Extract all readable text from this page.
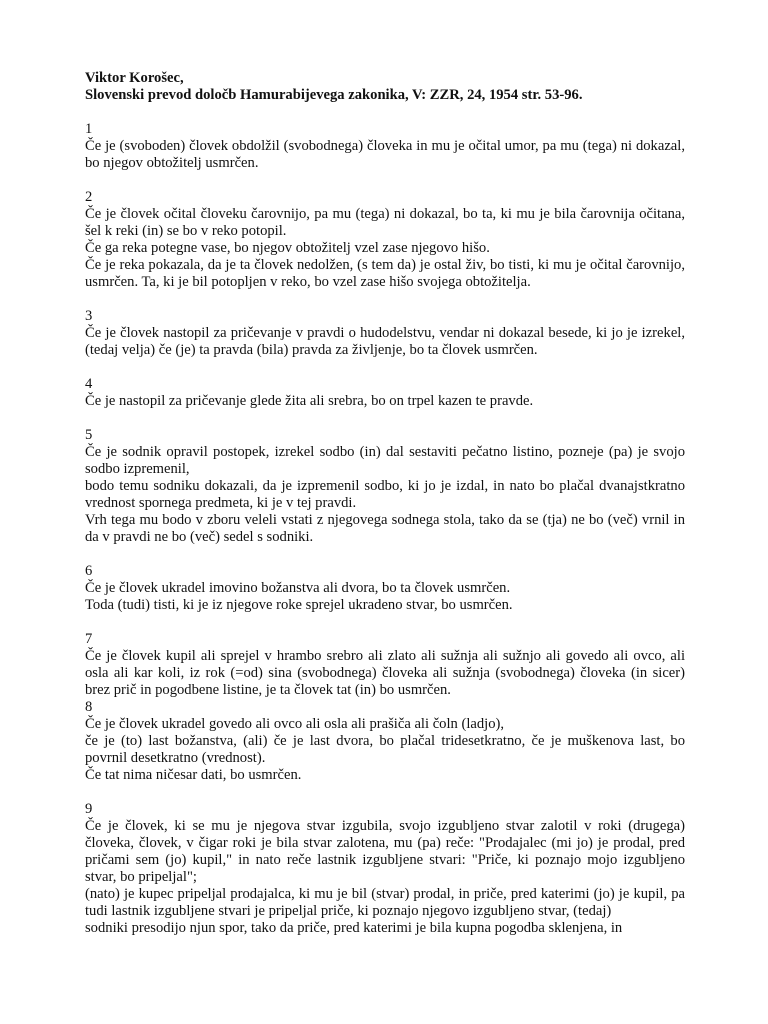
Viktor Korošec,
Slovenski prevod določb Hamurabijevega zakonika, V: ZZR, 24, 1954 str. 53-96.
1

Če je (svoboden) človek obdolžil (svobodnega) človeka in mu je očital umor, pa mu (tega) ni dokazal, bo njegov obtožitelj usmrčen.

2

Če je človek očital človeku čarovnijo, pa mu (tega) ni dokazal, bo ta, ki mu je bila čarovnija očitana, šel k reki (in) se bo v reko potopil.

Če ga reka potegne vase, bo njegov obtožitelj vzel zase njegovo hišo.

Če je reka pokazala, da je ta človek nedolžen, (s tem da) je ostal živ, bo tisti, ki mu je očital čarovnijo, usmrčen. Ta, ki je bil potopljen v reko, bo vzel zase hišo svojega obtožitelja.

3

Če je človek nastopil za pričevanje v pravdi o hudodelstvu, vendar ni dokazal besede, ki jo je izrekel, (tedaj velja) če (je) ta pravda (bila) pravda za življenje, bo ta človek usmrčen.

4

Če je nastopil za pričevanje glede žita ali srebra, bo on trpel kazen te pravde.

5

Če je sodnik opravil postopek, izrekel sodbo (in) dal sestaviti pečatno listino, pozneje (pa) je svojo sodbo izpremenil,

bodo temu sodniku dokazali, da je izpremenil sodbo, ki jo je izdal, in nato bo plačal dvanajstkratno vrednost spornega predmeta, ki je v tej pravdi.

Vrh tega mu bodo v zboru veleli vstati z njegovega sodnega stola, tako da se (tja) ne bo (več) vrnil in da v pravdi ne bo (več) sedel s sodniki.

6

Če je človek ukradel imovino božanstva ali dvora, bo ta človek usmrčen.

Toda (tudi) tisti, ki je iz njegove roke sprejel ukradeno stvar, bo usmrčen.

7

Če je človek kupil ali sprejel v hrambo srebro ali zlato ali sužnja ali sužnjo ali govedo ali ovco, ali osla ali kar koli, iz rok (=od) sina (svobodnega) človeka ali sužnja (svobodnega) človeka (in sicer) brez prič in pogodbene listine, je ta človek tat (in) bo usmrčen.

8

Če je človek ukradel govedo ali ovco ali osla ali prašiča ali čoln (ladjo),

če je (to) last božanstva, (ali) če je last dvora, bo plačal tridesetkratno, če je muškenova last, bo povrnil desetkratno (vrednost).

Če tat nima ničesar dati, bo usmrčen.

9

Če je človek, ki se mu je njegova stvar izgubila, svojo izgubljeno stvar zalotil v roki (drugega) človeka, človek, v čigar roki je bila stvar zalotena, mu (pa) reče: "Prodajalec (mi jo) je prodal, pred pričami sem (jo) kupil," in nato reče lastnik izgubljene stvari: "Priče, ki poznajo mojo izgubljeno stvar, bo pripeljal";

(nato) je kupec pripeljal prodajalca, ki mu je bil (stvar) prodal, in priče, pred katerimi (jo) je kupil, pa tudi lastnik izgubljene stvari je pripeljal priče, ki poznajo njegovo izgubljeno stvar, (tedaj)

sodniki presodijo njun spor, tako da priče, pred katerimi je bila kupna pogodba sklenjena, in
